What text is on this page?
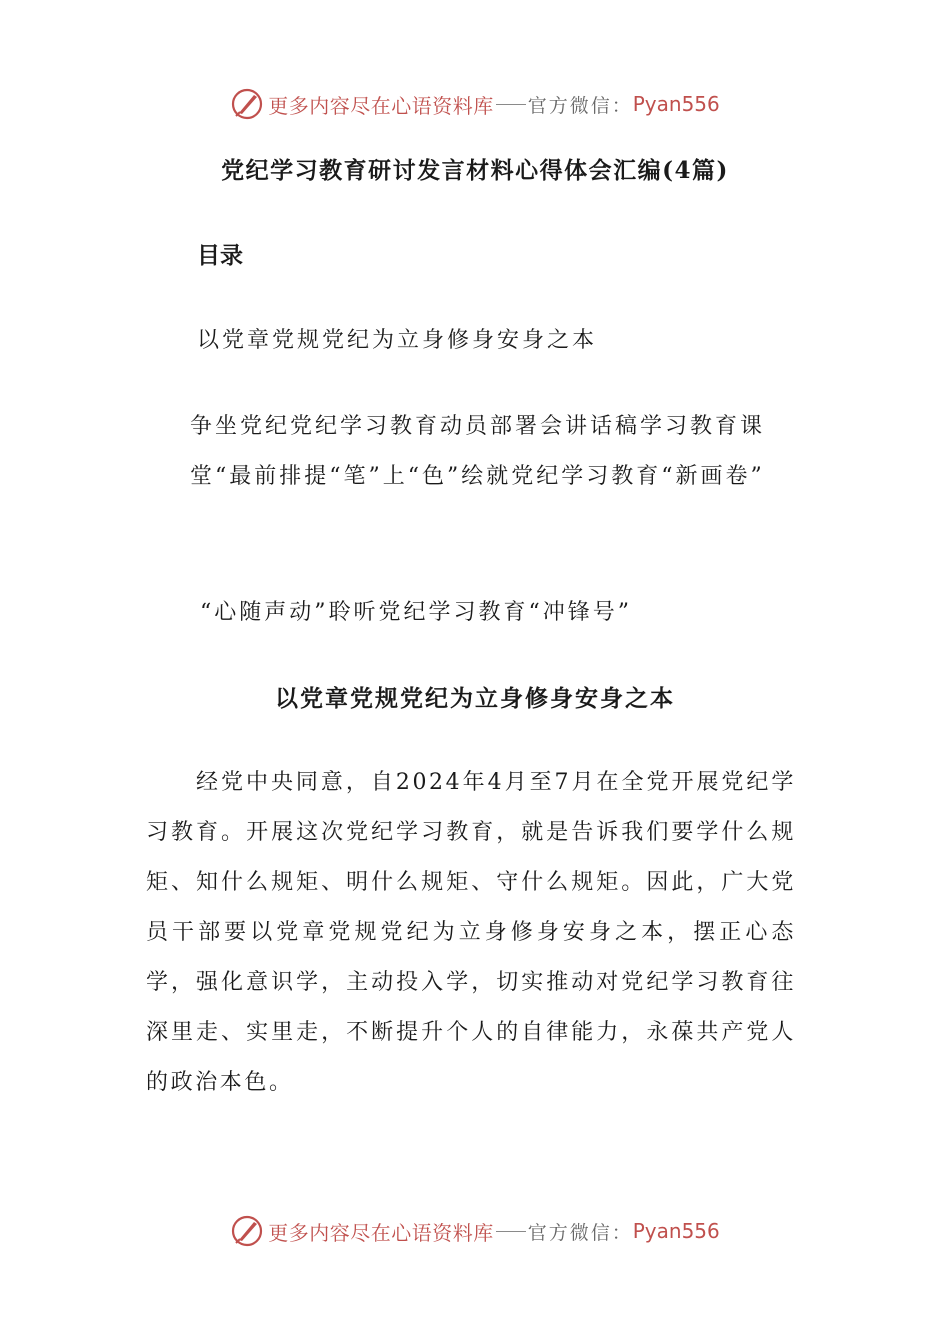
更多内容尽在心语资料库 官方微信： Pyan556
党纪学习教育研讨发言材料心得体会汇编(4篇)
目录

以党章党规党纪为立身修身安身之本

争坐党纪党纪学习教育动员部署会讲话稿学习教育课堂“最前排提“笔”上“色”绘就党纪学习教育“新画卷”

“心随声动”聆听党纪学习教育“冲锋号”

以党章党规党纪为立身修身安身之本

经党中央同意，自2024年4月至7月在全党开展党纪学习教育。开展这次党纪学习教育，就是告诉我们要学什么规矩、知什么规矩、明什么规矩、守什么规矩。因此，广大党员干部要以党章党规党纪为立身修身安身之本，摆正心态学，强化意识学，主动投入学，切实推动对党纪学习教育往深里走、实里走，不断提升个人的自律能力，永葆共产党人的政治本色。

更多内容尽在心语资料库 官方微信： Pyan556
